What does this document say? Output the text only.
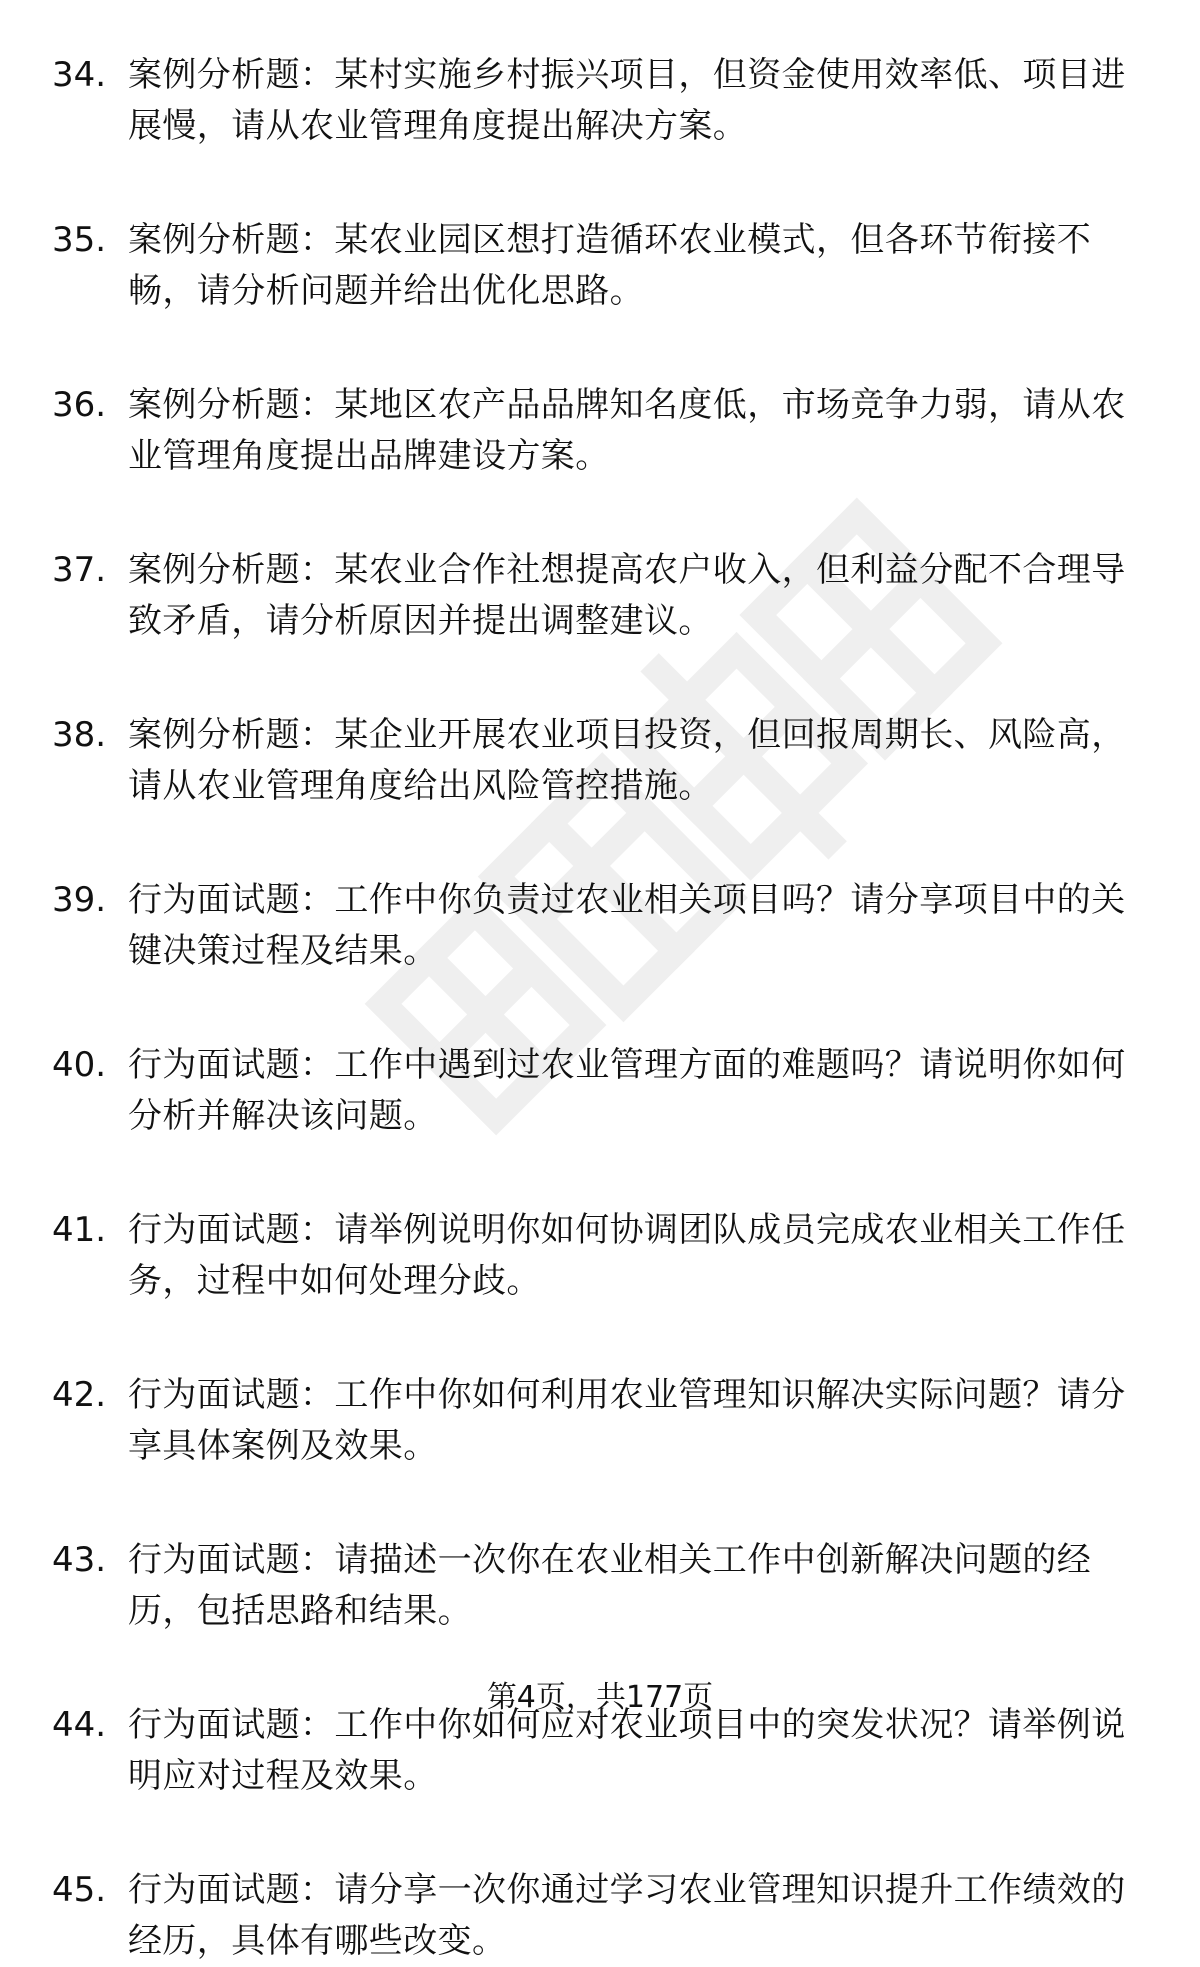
34. 案例分析题：某村实施乡村振兴项目，但资金使用效率低、项目进展慢，请从农业管理角度提出解决方案。
35. 案例分析题：某农业园区想打造循环农业模式，但各环节衔接不畅，请分析问题并给出优化思路。
36. 案例分析题：某地区农产品品牌知名度低，市场竞争力弱，请从农业管理角度提出品牌建设方案。
37. 案例分析题：某农业合作社想提高农户收入，但利益分配不合理导致矛盾，请分析原因并提出调整建议。
38. 案例分析题：某企业开展农业项目投资，但回报周期长、风险高，请从农业管理角度给出风险管控措施。
39. 行为面试题：工作中你负责过农业相关项目吗？请分享项目中的关键决策过程及结果。
40. 行为面试题：工作中遇到过农业管理方面的难题吗？请说明你如何分析并解决该问题。
41. 行为面试题：请举例说明你如何协调团队成员完成农业相关工作任务，过程中如何处理分歧。
42. 行为面试题：工作中你如何利用农业管理知识解决实际问题？请分享具体案例及效果。
43. 行为面试题：请描述一次你在农业相关工作中创新解决问题的经历，包括思路和结果。
44. 行为面试题：工作中你如何应对农业项目中的突发状况？请举例说明应对过程及效果。
45. 行为面试题：请分享一次你通过学习农业管理知识提升工作绩效的经历，具体有哪些改变。
第4页，共177页
